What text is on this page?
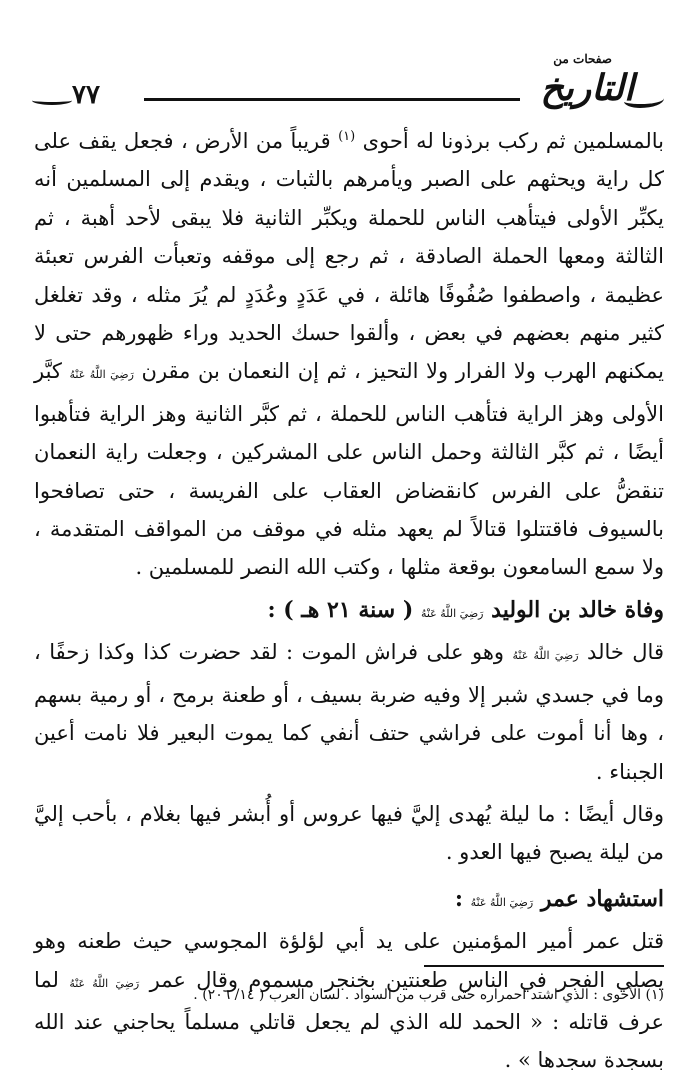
٧٧
صفحات من
التاريخ

بالمسلمين ثم ركب برذونا له أحوى $^{(١)}$ قريباً من الأرض ، فجعل يقف على كل راية ويحثهم على الصبر ويأمرهم بالثبات ، ويقدم إلى المسلمين أنه يكبِّر الأولى فيتأهب الناس للحملة ويكبِّر الثانية فلا يبقى لأحد أهبة ، ثم الثالثة ومعها الحملة الصادقة ، ثم رجع إلى موقفه وتعبأت الفرس تعبئة عظيمة ، واصطفوا صُفُوفًا هائلة ، في عَدَدٍ وعُدَدٍ لم يُرَ مثله ، وقد تغلغل كثير منهم بعضهم في بعض ، وألقوا حسك الحديد وراء ظهورهم حتى لا يمكنهم الهرب ولا الفرار ولا التحيز ، ثم إن النعمان بن مقرن رَضِيَ اللَّهُ عَنْهُ كبَّر الأولى وهز الراية فتأهب الناس للحملة ، ثم كبَّر الثانية وهز الراية فتأهبوا أيضًا ، ثم كبَّر الثالثة وحمل الناس على المشركين ، وجعلت راية النعمان تنقضُّ على الفرس كانقضاض العقاب على الفريسة ، حتى تصافحوا بالسيوف فاقتتلوا قتالاً لم يعهد مثله في موقف من المواقف المتقدمة ، ولا سمع السامعون بوقعة مثلها ، وكتب الله النصر للمسلمين .

وفاة خالد بن الوليد رَضِيَ اللَّهُ عَنْهُ ( سنة ٢١ هـ ) :

قال خالد رَضِيَ اللَّهُ عَنْهُ وهو على فراش الموت : لقد حضرت كذا وكذا زحفًا ، وما في جسدي شبر إلا وفيه ضربة بسيف ، أو طعنة برمح ، أو رمية بسهم ، وها أنا أموت على فراشي حتف أنفي كما يموت البعير فلا نامت أعين الجبناء .

وقال أيضًا : ما ليلة يُهدى إليَّ فيها عروس أو أُبشر فيها بغلام ، بأحب إليَّ من ليلة يصبح فيها العدو .

استشهاد عمر رَضِيَ اللَّهُ عَنْهُ :

قتل عمر أمير المؤمنين على يد أبي لؤلؤة المجوسي حيث طعنه وهو يصلي الفجر في الناس طعنتين بخنجر مسموم وقال عمر رَضِيَ اللَّهُ عَنْهُ لما عرف قاتله : « الحمد لله الذي لم يجعل قاتلي مسلماً يحاجني عند الله بسجدة سجدها » .

(١) الأحوى : الذي اشتد احمراره حتى قرب من السواد . لسان العرب ( ١٤/ ٢٠٦) .
